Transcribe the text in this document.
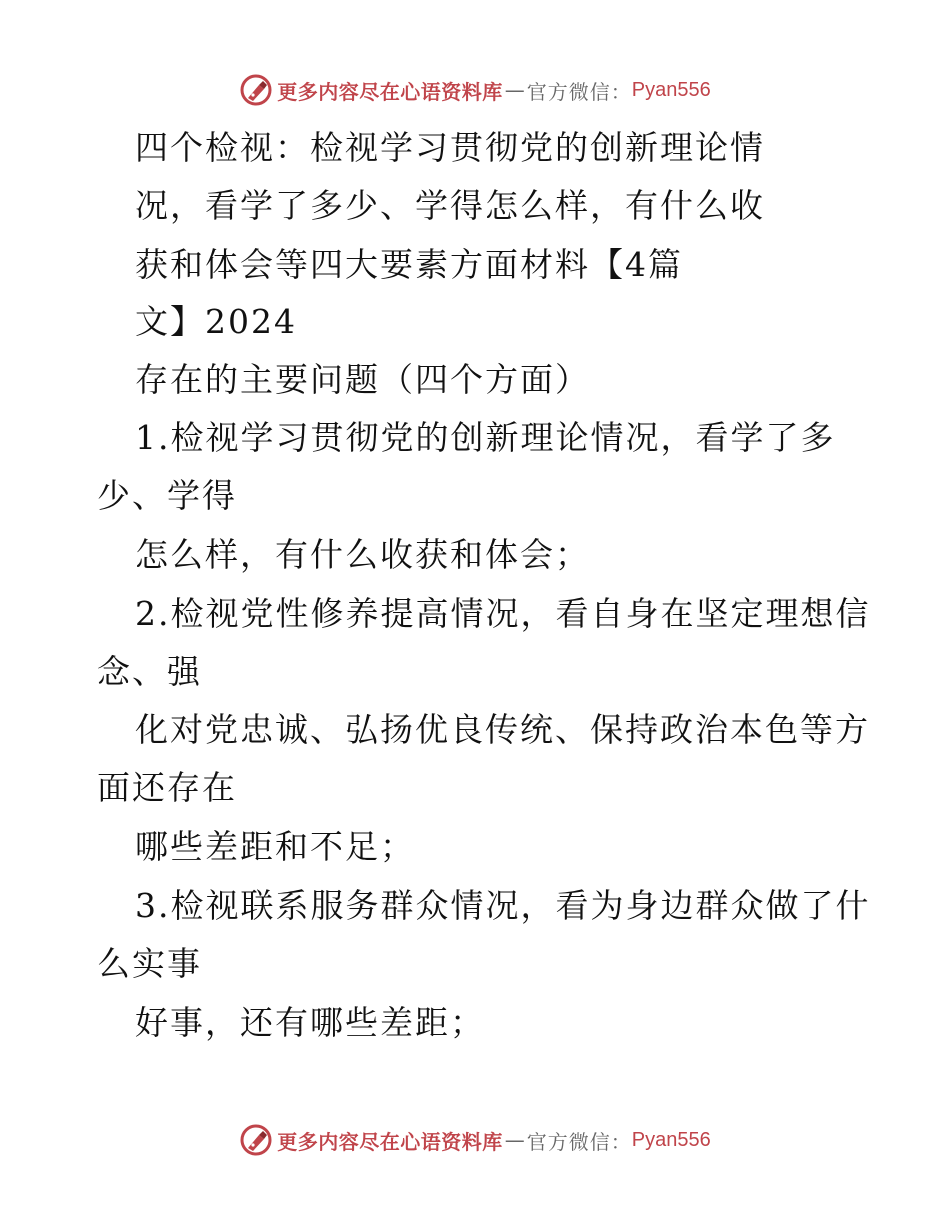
更多内容尽在心语资料库 — 官方微信： Pyan556
四个检视：检视学习贯彻党的创新理论情
况，看学了多少、学得怎么样，有什么收
获和体会等四大要素方面材料【4篇
文】2024
存在的主要问题（四个方面）
1.检视学习贯彻党的创新理论情况，看学了多
少、学得
怎么样，有什么收获和体会；
2.检视党性修养提高情况，看自身在坚定理想信
念、强
化对党忠诚、弘扬优良传统、保持政治本色等方
面还存在
哪些差距和不足；
3.检视联系服务群众情况，看为身边群众做了什
么实事
好事，还有哪些差距；
更多内容尽在心语资料库 — 官方微信： Pyan556
